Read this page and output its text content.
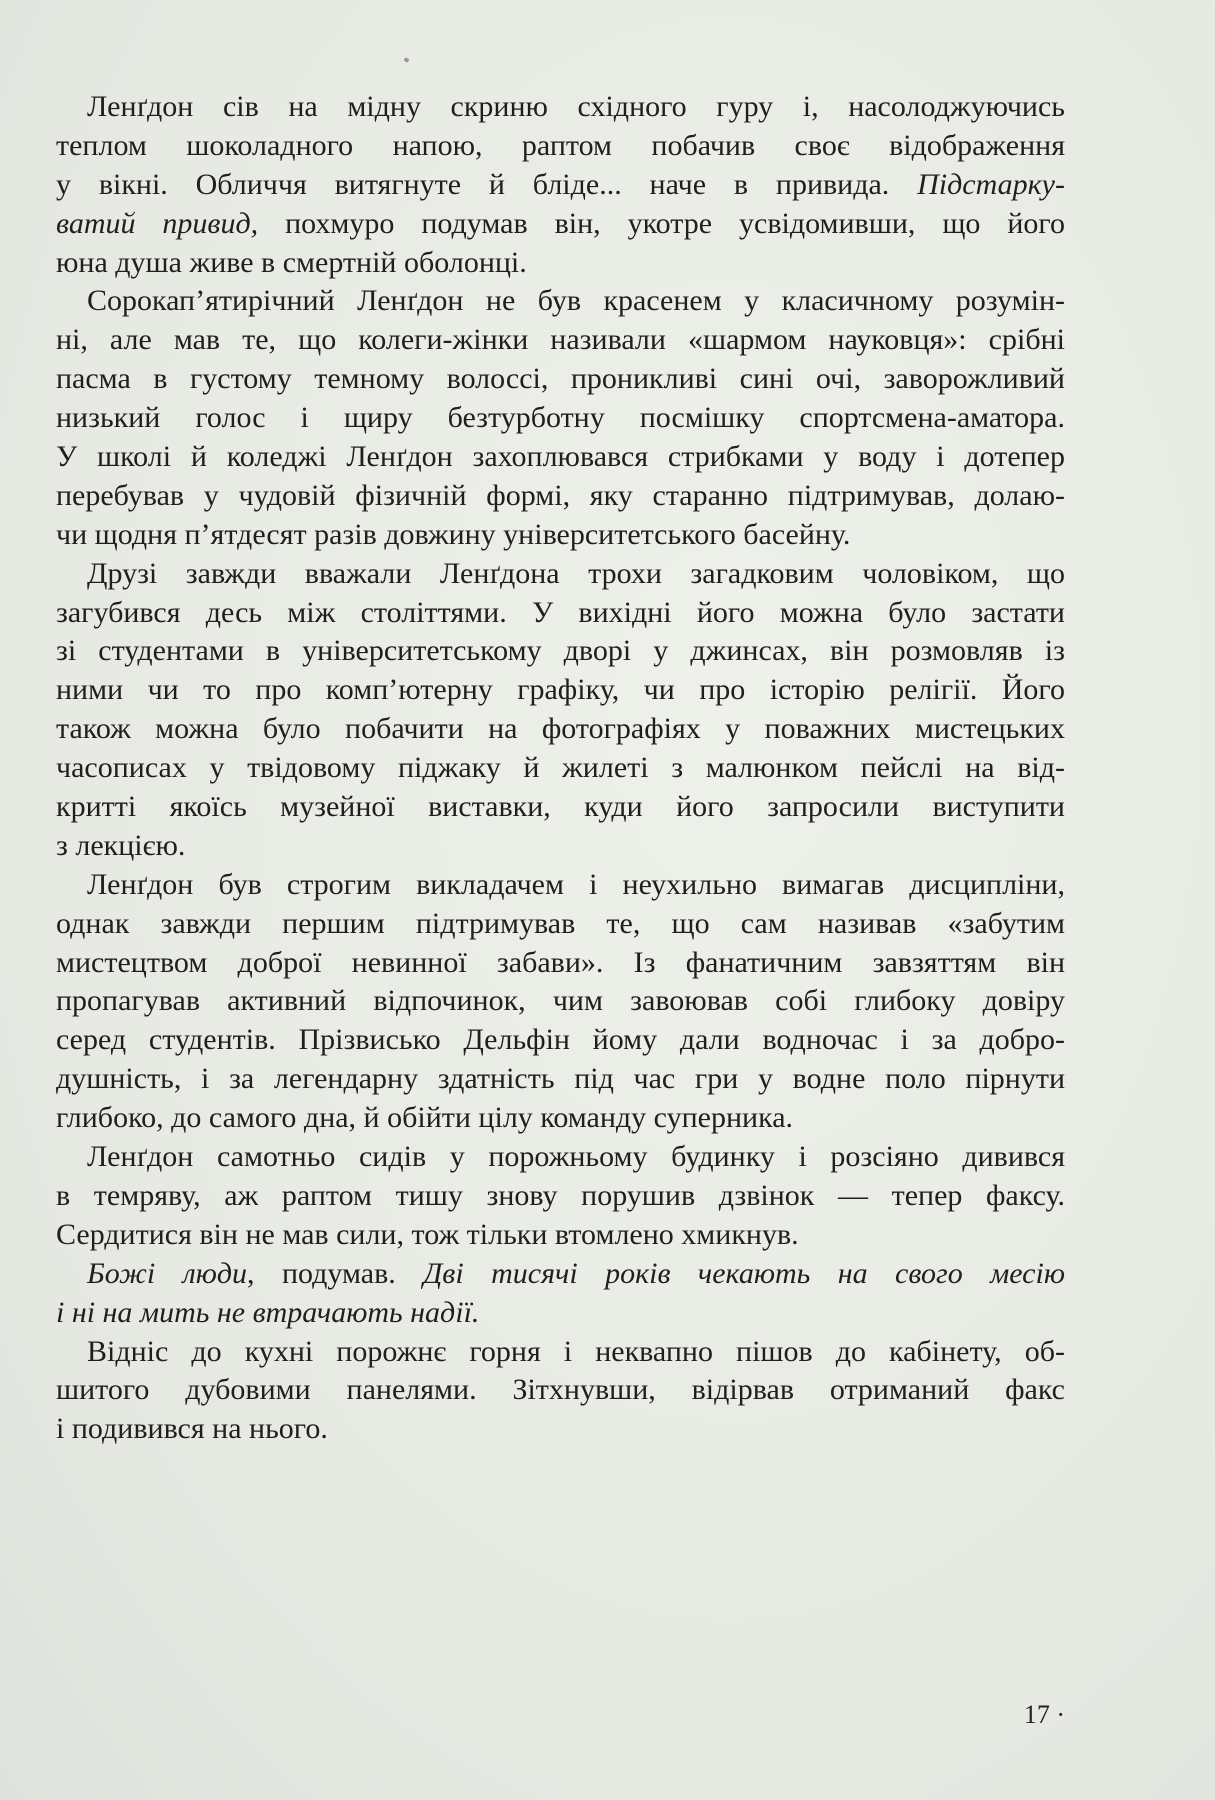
Ленґдон сів на мідну скриню східного гуру і, насолоджуючись
теплом шоколадного напою, раптом побачив своє відображення
у вікні. Обличчя витягнуте й бліде... наче в привида. Підстарку-
ватий привид, похмуро подумав він, укотре усвідомивши, що його
юна душа живе в смертній оболонці.
Сорокап’ятирічний Ленґдон не був красенем у класичному розумін-
ні, але мав те, що колеги-жінки називали «шармом науковця»: срібні
пасма в густому темному волоссі, проникливі сині очі, заворожливий
низький голос і щиру безтурботну посмішку спортсмена-аматора.
У школі й коледжі Ленґдон захоплювався стрибками у воду і дотепер
перебував у чудовій фізичній формі, яку старанно підтримував, долаю-
чи щодня п’ятдесят разів довжину університетського басейну.
Друзі завжди вважали Ленґдона трохи загадковим чоловіком, що
загубився десь між століттями. У вихідні його можна було застати
зі студентами в університетському дворі у джинсах, він розмовляв із
ними чи то про комп’ютерну графіку, чи про історію релігії. Його
також можна було побачити на фотографіях у поважних мистецьких
часописах у твідовому піджаку й жилеті з малюнком пейслі на від-
критті якоїсь музейної виставки, куди його запросили виступити
з лекцією.
Ленґдон був строгим викладачем і неухильно вимагав дисципліни,
однак завжди першим підтримував те, що сам називав «забутим
мистецтвом доброї невинної забави». Із фанатичним завзяттям він
пропагував активний відпочинок, чим завоював собі глибоку довіру
серед студентів. Прізвисько Дельфін йому дали водночас і за добро-
душність, і за легендарну здатність під час гри у водне поло пірнути
глибоко, до самого дна, й обійти цілу команду суперника.
Ленґдон самотньо сидів у порожньому будинку і розсіяно дивився
в темряву, аж раптом тишу знову порушив дзвінок — тепер факсу.
Сердитися він не мав сили, тож тільки втомлено хмикнув.
Божі люди, подумав. Дві тисячі років чекають на свого месію
і ні на мить не втрачають надії.
Відніс до кухні порожнє горня і неквапно пішов до кабінету, об-
шитого дубовими панелями. Зітхнувши, відірвав отриманий факс
і подивився на нього.
17 ·
